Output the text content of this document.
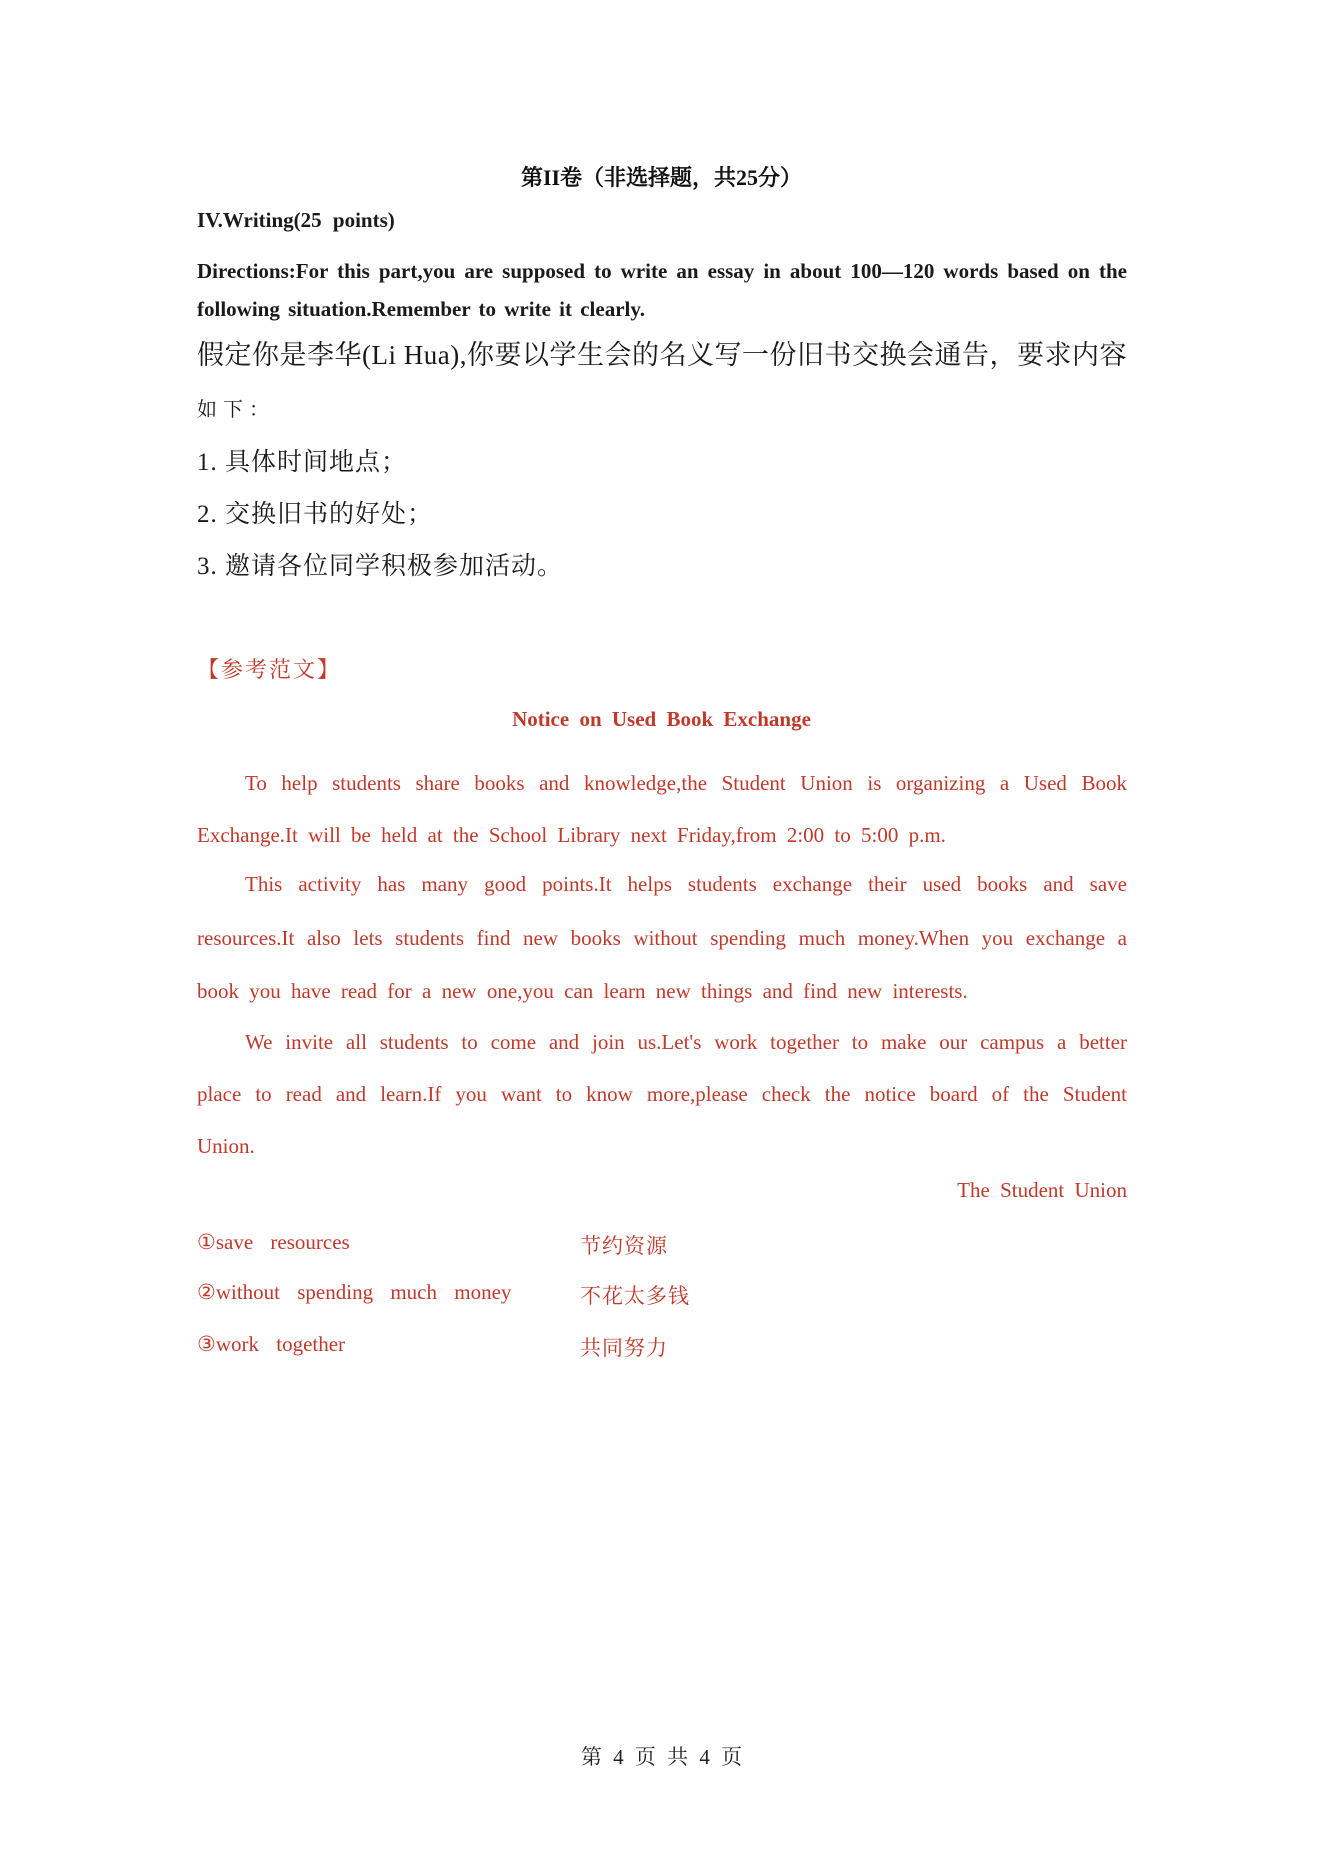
第II卷（非选择题，共25分）
IV.Writing(25 points)
Directions:For this part,you are supposed to write an essay in about 100—120 words based on the following situation.Remember to write it clearly.
假定你是李华(Li Hua),你要以学生会的名义写一份旧书交换会通告，要求内容
如下：
1. 具体时间地点；
2. 交换旧书的好处；
3. 邀请各位同学积极参加活动。
【参考范文】
Notice on Used Book Exchange

To help students share books and knowledge,the Student Union is organizing a Used Book Exchange.It will be held at the School Library next Friday,from 2:00 to 5:00 p.m.

This activity has many good points.It helps students exchange their used books and save resources.It also lets students find new books without spending much money.When you exchange a book you have read for a new one,you can learn new things and find new interests.

We invite all students to come and join us.Let's work together to make our campus a better place to read and learn.If you want to know more,please check the notice board of the Student Union.

The Student Union
①save resources	节约资源
②without spending much money	不花太多钱
③work together	共同努力
第 4 页 共 4 页
